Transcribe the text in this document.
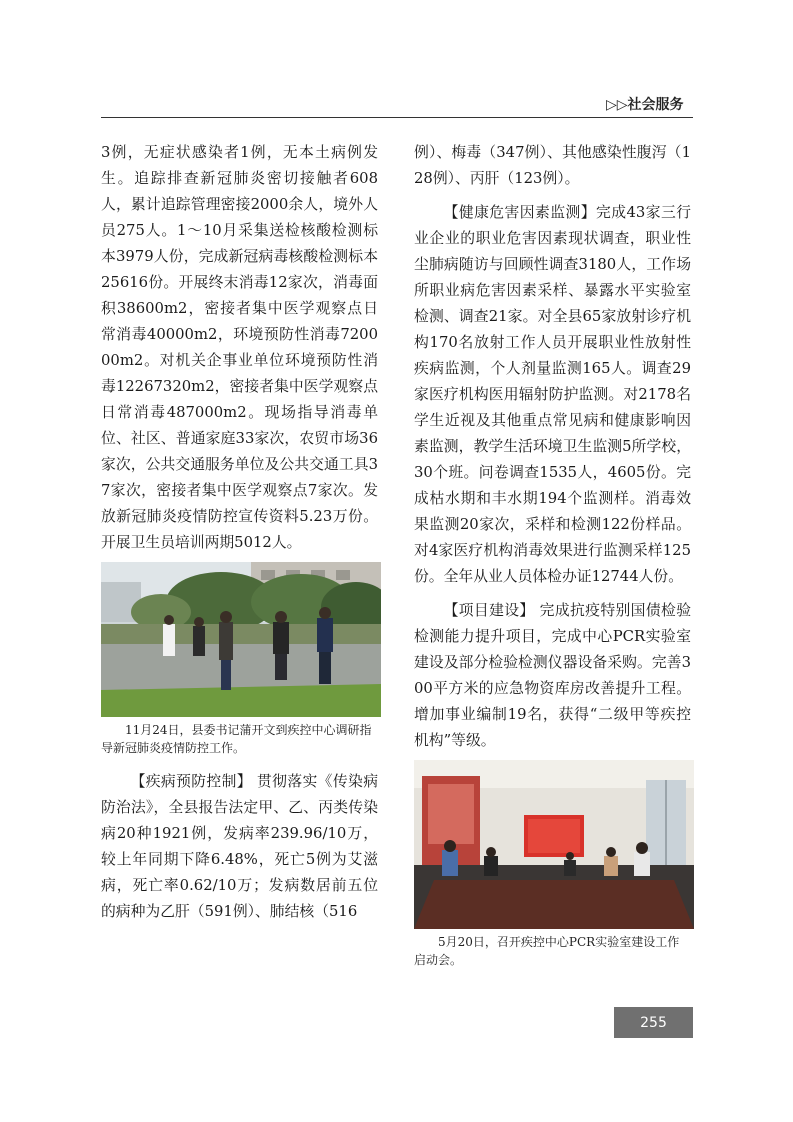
▷▷社会服务

3例，无症状感染者1例，无本土病例发生。追踪排查新冠肺炎密切接触者608人，累计追踪管理密接2000余人，境外人员275人。1～10月采集送检核酸检测标本3979人份，完成新冠病毒核酸检测标本25616份。开展终末消毒12家次，消毒面积38600m2，密接者集中医学观察点日常消毒40000m2，环境预防性消毒720000m2。对机关企事业单位环境预防性消毒12267320m2，密接者集中医学观察点日常消毒487000m2。现场指导消毒单位、社区、普通家庭33家次，农贸市场36家次，公共交通服务单位及公共交通工具37家次，密接者集中医学观察点7家次。发放新冠肺炎疫情防控宣传资料5.23万份。开展卫生员培训两期5012人。

11月24日，县委书记蒲开文到疾控中心调研指导新冠肺炎疫情防控工作。

【疾病预防控制】 贯彻落实《传染病防治法》，全县报告法定甲、乙、丙类传染病20种1921例，发病率239.96/10万，较上年同期下降6.48%，死亡5例为艾滋病，死亡率0.62/10万；发病数居前五位的病种为乙肝（591例）、肺结核（516

例）、梅毒（347例）、其他感染性腹泻（128例）、丙肝（123例）。

【健康危害因素监测】完成43家三行业企业的职业危害因素现状调查，职业性尘肺病随访与回顾性调查3180人，工作场所职业病危害因素采样、暴露水平实验室检测、调查21家。对全县65家放射诊疗机构170名放射工作人员开展职业性放射性疾病监测，个人剂量监测165人。调查29家医疗机构医用辐射防护监测。对2178名学生近视及其他重点常见病和健康影响因素监测，教学生活环境卫生监测5所学校，30个班。问卷调查1535人，4605份。完成枯水期和丰水期194个监测样。消毒效果监测20家次，采样和检测122份样品。对4家医疗机构消毒效果进行监测采样125份。全年从业人员体检办证12744人份。

【项目建设】 完成抗疫特别国债检验检测能力提升项目，完成中心PCR实验室建设及部分检验检测仪器设备采购。完善300平方米的应急物资库房改善提升工程。增加事业编制19名，获得“二级甲等疾控机构”等级。

5月20日，召开疾控中心PCR实验室建设工作启动会。

255
